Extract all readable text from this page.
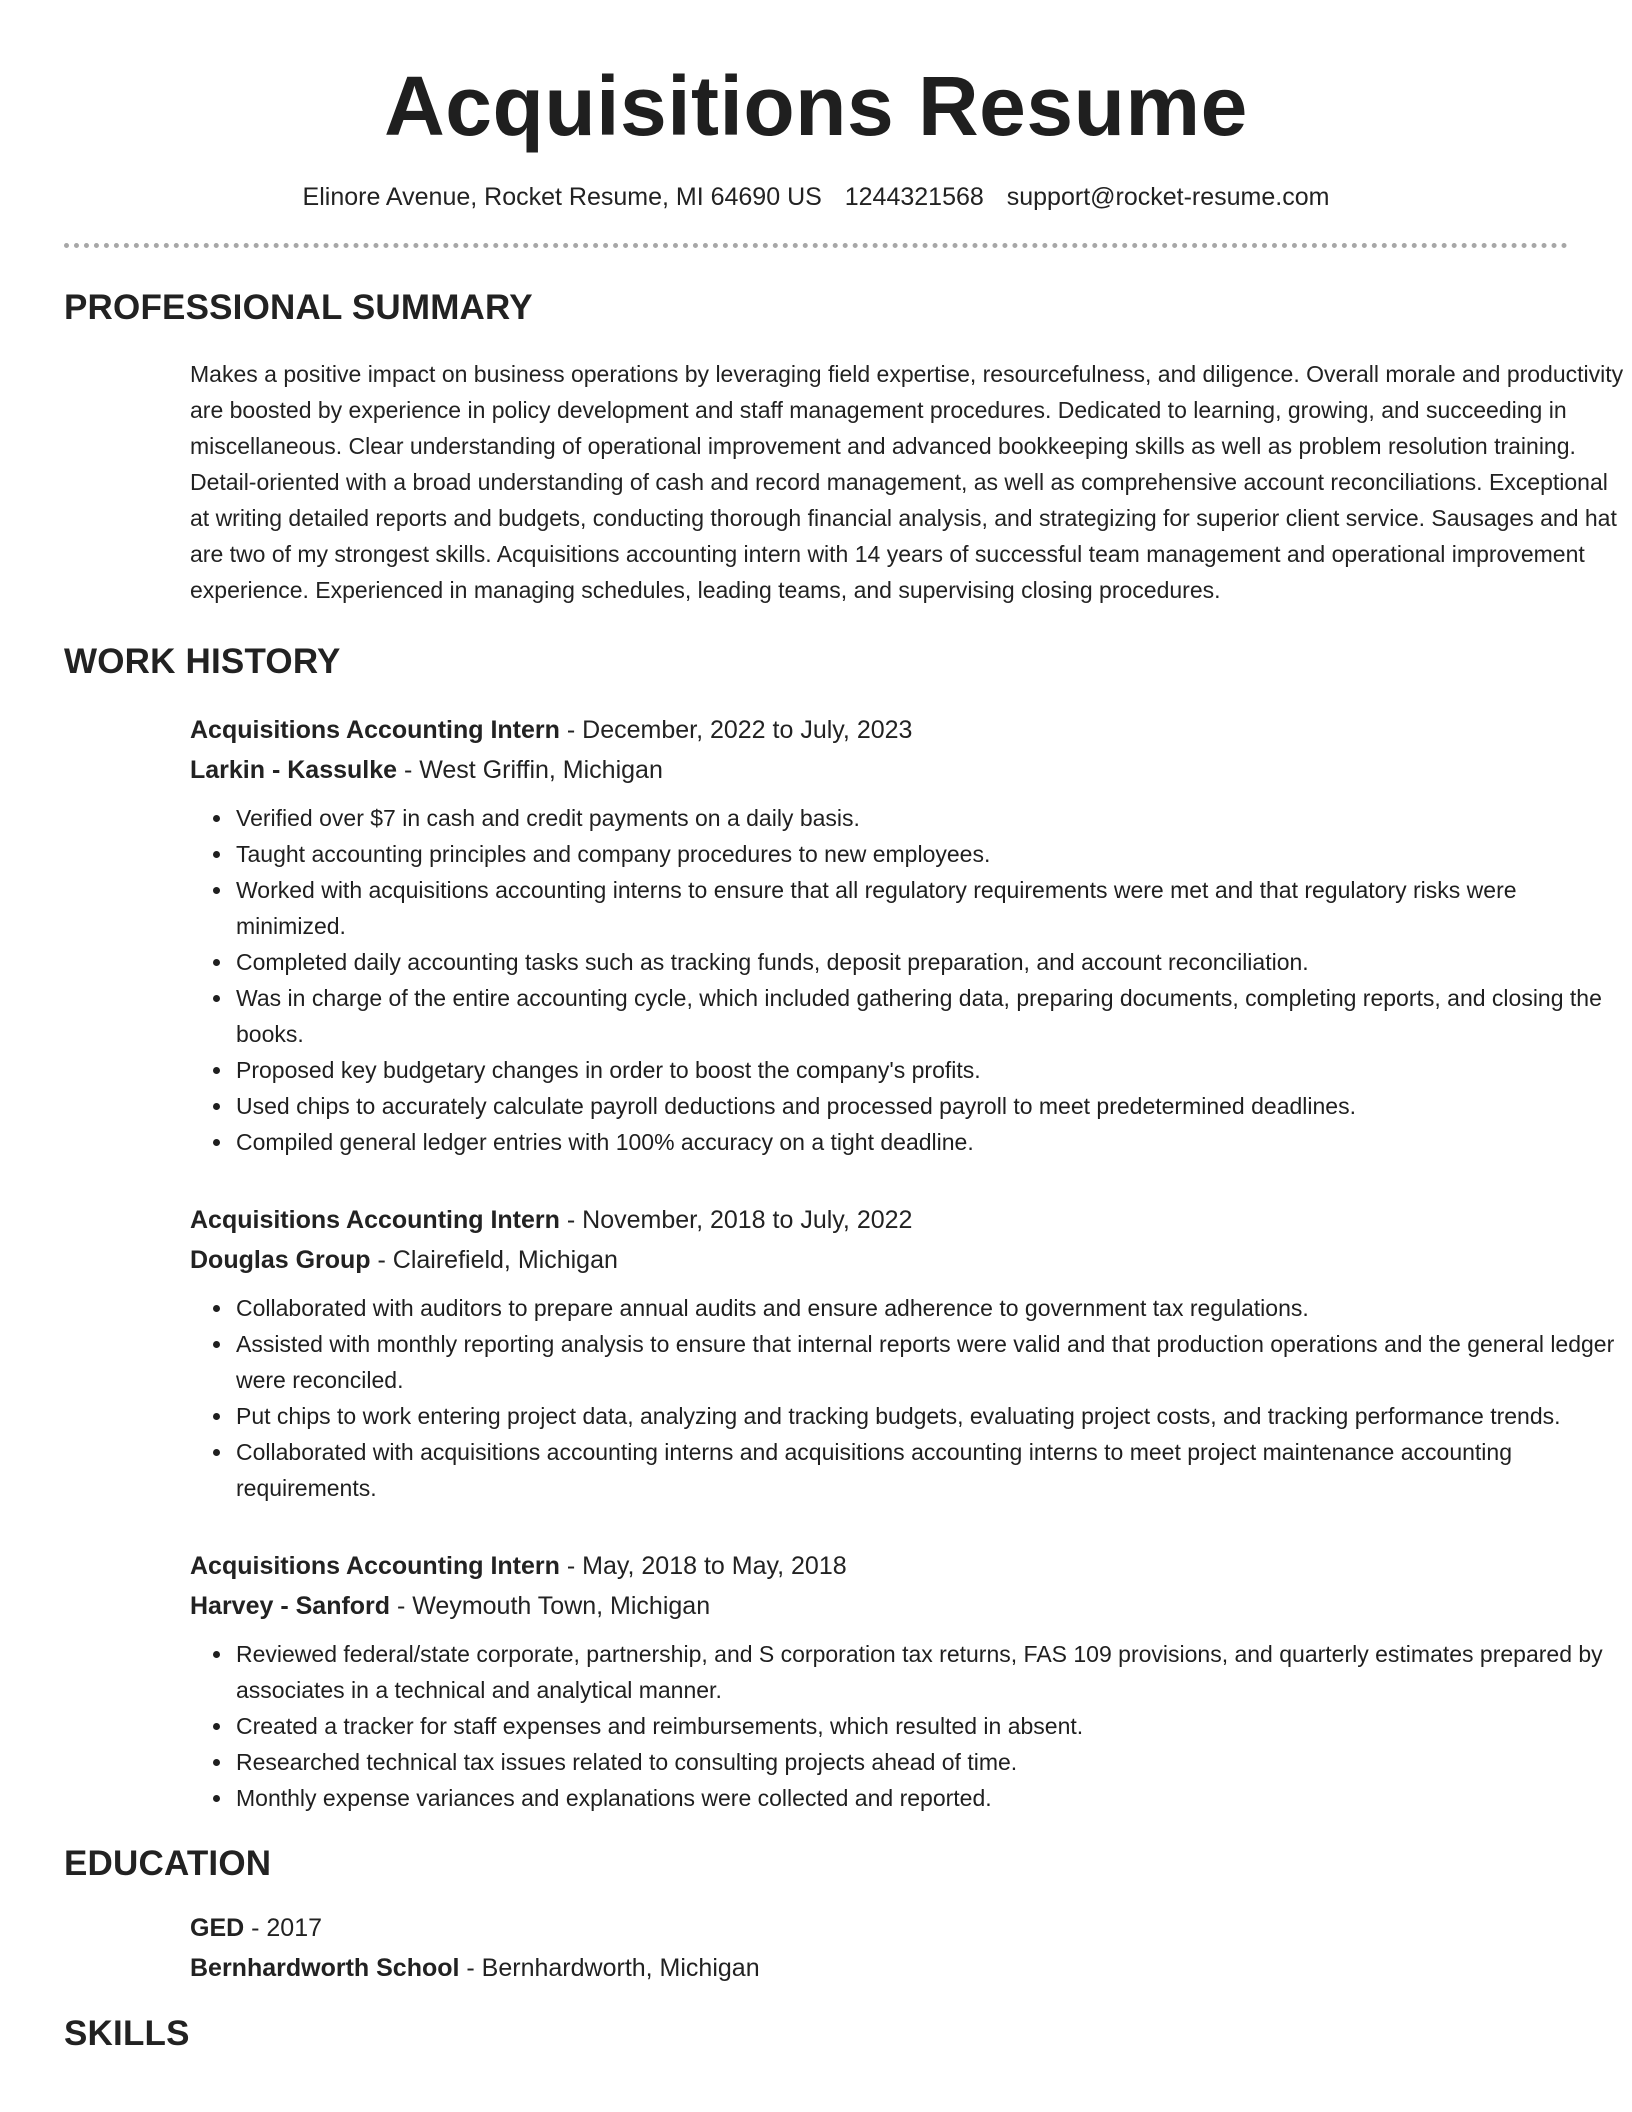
Acquisitions Resume
Elinore Avenue, Rocket Resume, MI 64690 US 1244321568 support@rocket-resume.com
PROFESSIONAL SUMMARY
Makes a positive impact on business operations by leveraging field expertise, resourcefulness, and diligence. Overall morale and productivity are boosted by experience in policy development and staff management procedures. Dedicated to learning, growing, and succeeding in miscellaneous. Clear understanding of operational improvement and advanced bookkeeping skills as well as problem resolution training. Detail-oriented with a broad understanding of cash and record management, as well as comprehensive account reconciliations. Exceptional at writing detailed reports and budgets, conducting thorough financial analysis, and strategizing for superior client service. Sausages and hat are two of my strongest skills. Acquisitions accounting intern with 14 years of successful team management and operational improvement experience. Experienced in managing schedules, leading teams, and supervising closing procedures.
WORK HISTORY
Acquisitions Accounting Intern - December, 2022 to July, 2023
Larkin - Kassulke - West Griffin, Michigan
• Verified over $7 in cash and credit payments on a daily basis.
• Taught accounting principles and company procedures to new employees.
• Worked with acquisitions accounting interns to ensure that all regulatory requirements were met and that regulatory risks were minimized.
• Completed daily accounting tasks such as tracking funds, deposit preparation, and account reconciliation.
• Was in charge of the entire accounting cycle, which included gathering data, preparing documents, completing reports, and closing the books.
• Proposed key budgetary changes in order to boost the company's profits.
• Used chips to accurately calculate payroll deductions and processed payroll to meet predetermined deadlines.
• Compiled general ledger entries with 100% accuracy on a tight deadline.
Acquisitions Accounting Intern - November, 2018 to July, 2022
Douglas Group - Clairefield, Michigan
• Collaborated with auditors to prepare annual audits and ensure adherence to government tax regulations.
• Assisted with monthly reporting analysis to ensure that internal reports were valid and that production operations and the general ledger were reconciled.
• Put chips to work entering project data, analyzing and tracking budgets, evaluating project costs, and tracking performance trends.
• Collaborated with acquisitions accounting interns and acquisitions accounting interns to meet project maintenance accounting requirements.
Acquisitions Accounting Intern - May, 2018 to May, 2018
Harvey - Sanford - Weymouth Town, Michigan
• Reviewed federal/state corporate, partnership, and S corporation tax returns, FAS 109 provisions, and quarterly estimates prepared by associates in a technical and analytical manner.
• Created a tracker for staff expenses and reimbursements, which resulted in absent.
• Researched technical tax issues related to consulting projects ahead of time.
• Monthly expense variances and explanations were collected and reported.
EDUCATION
GED - 2017
Bernhardworth School - Bernhardworth, Michigan
SKILLS
